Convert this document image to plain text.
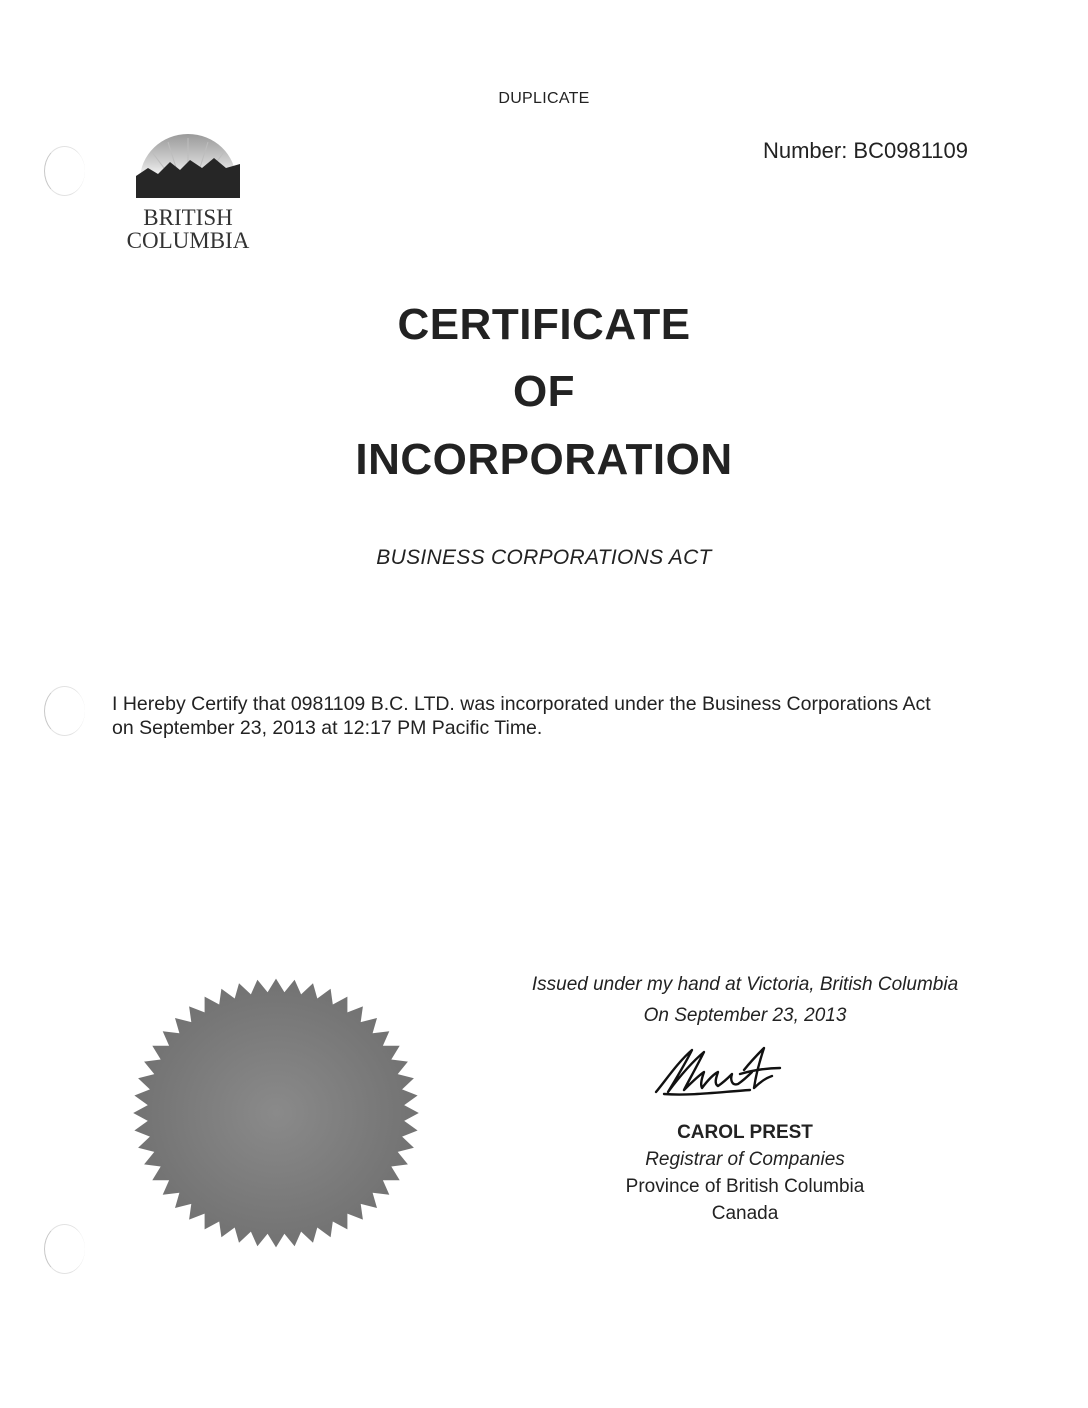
DUPLICATE
Number: BC0981109
BRITISH
COLUMBIA
CERTIFICATE
OF
INCORPORATION
BUSINESS CORPORATIONS ACT
I Hereby Certify that 0981109 B.C. LTD. was incorporated under the Business Corporations Act
on September 23, 2013 at 12:17 PM Pacific Time.
Issued under my hand at Victoria, British Columbia
On September 23, 2013
CAROL PREST
Registrar of Companies
Province of British Columbia
Canada
